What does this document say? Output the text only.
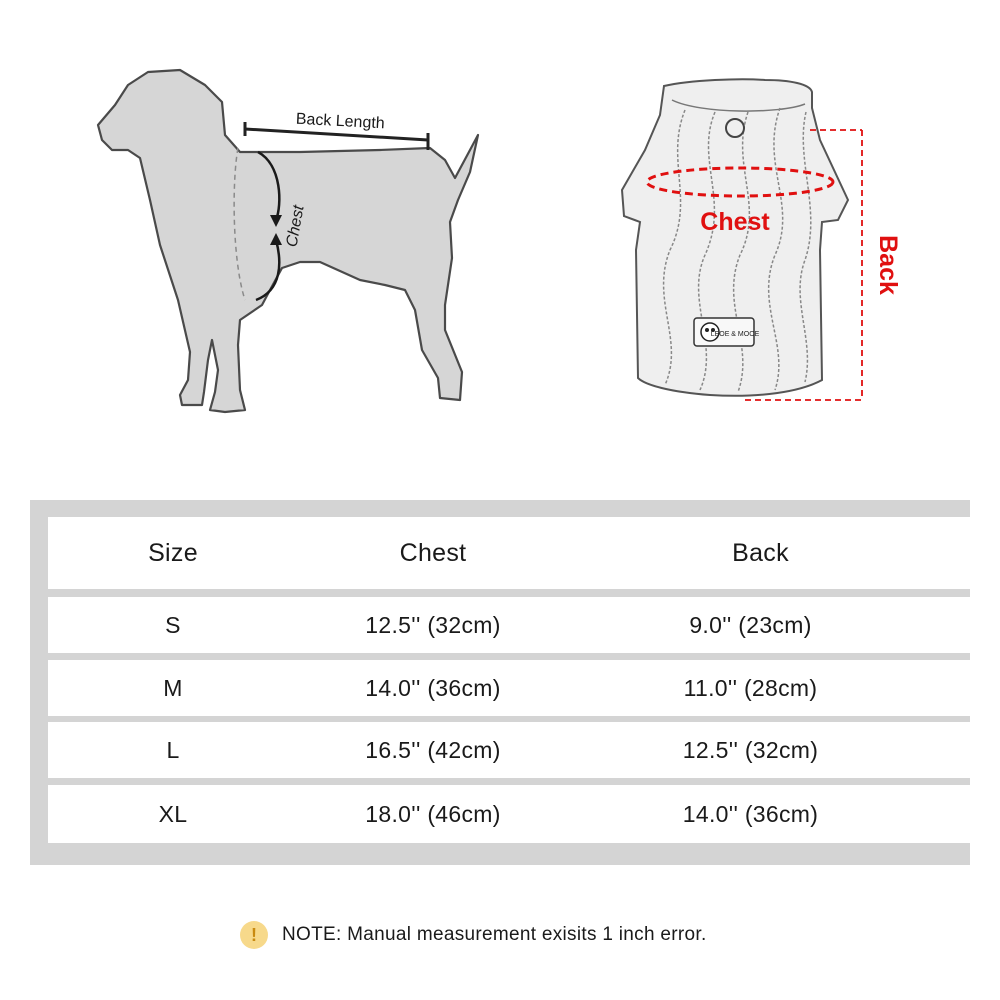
Back Length
Chest
LEOE & MOOE
Chest
Back
Size	Chest	Back
S	12.5'' (32cm)	9.0'' (23cm)
M	14.0'' (36cm)	11.0'' (28cm)
L	16.5'' (42cm)	12.5'' (32cm)
XL	18.0'' (46cm)	14.0'' (36cm)
!	NOTE: Manual measurement exisits 1 inch error.
